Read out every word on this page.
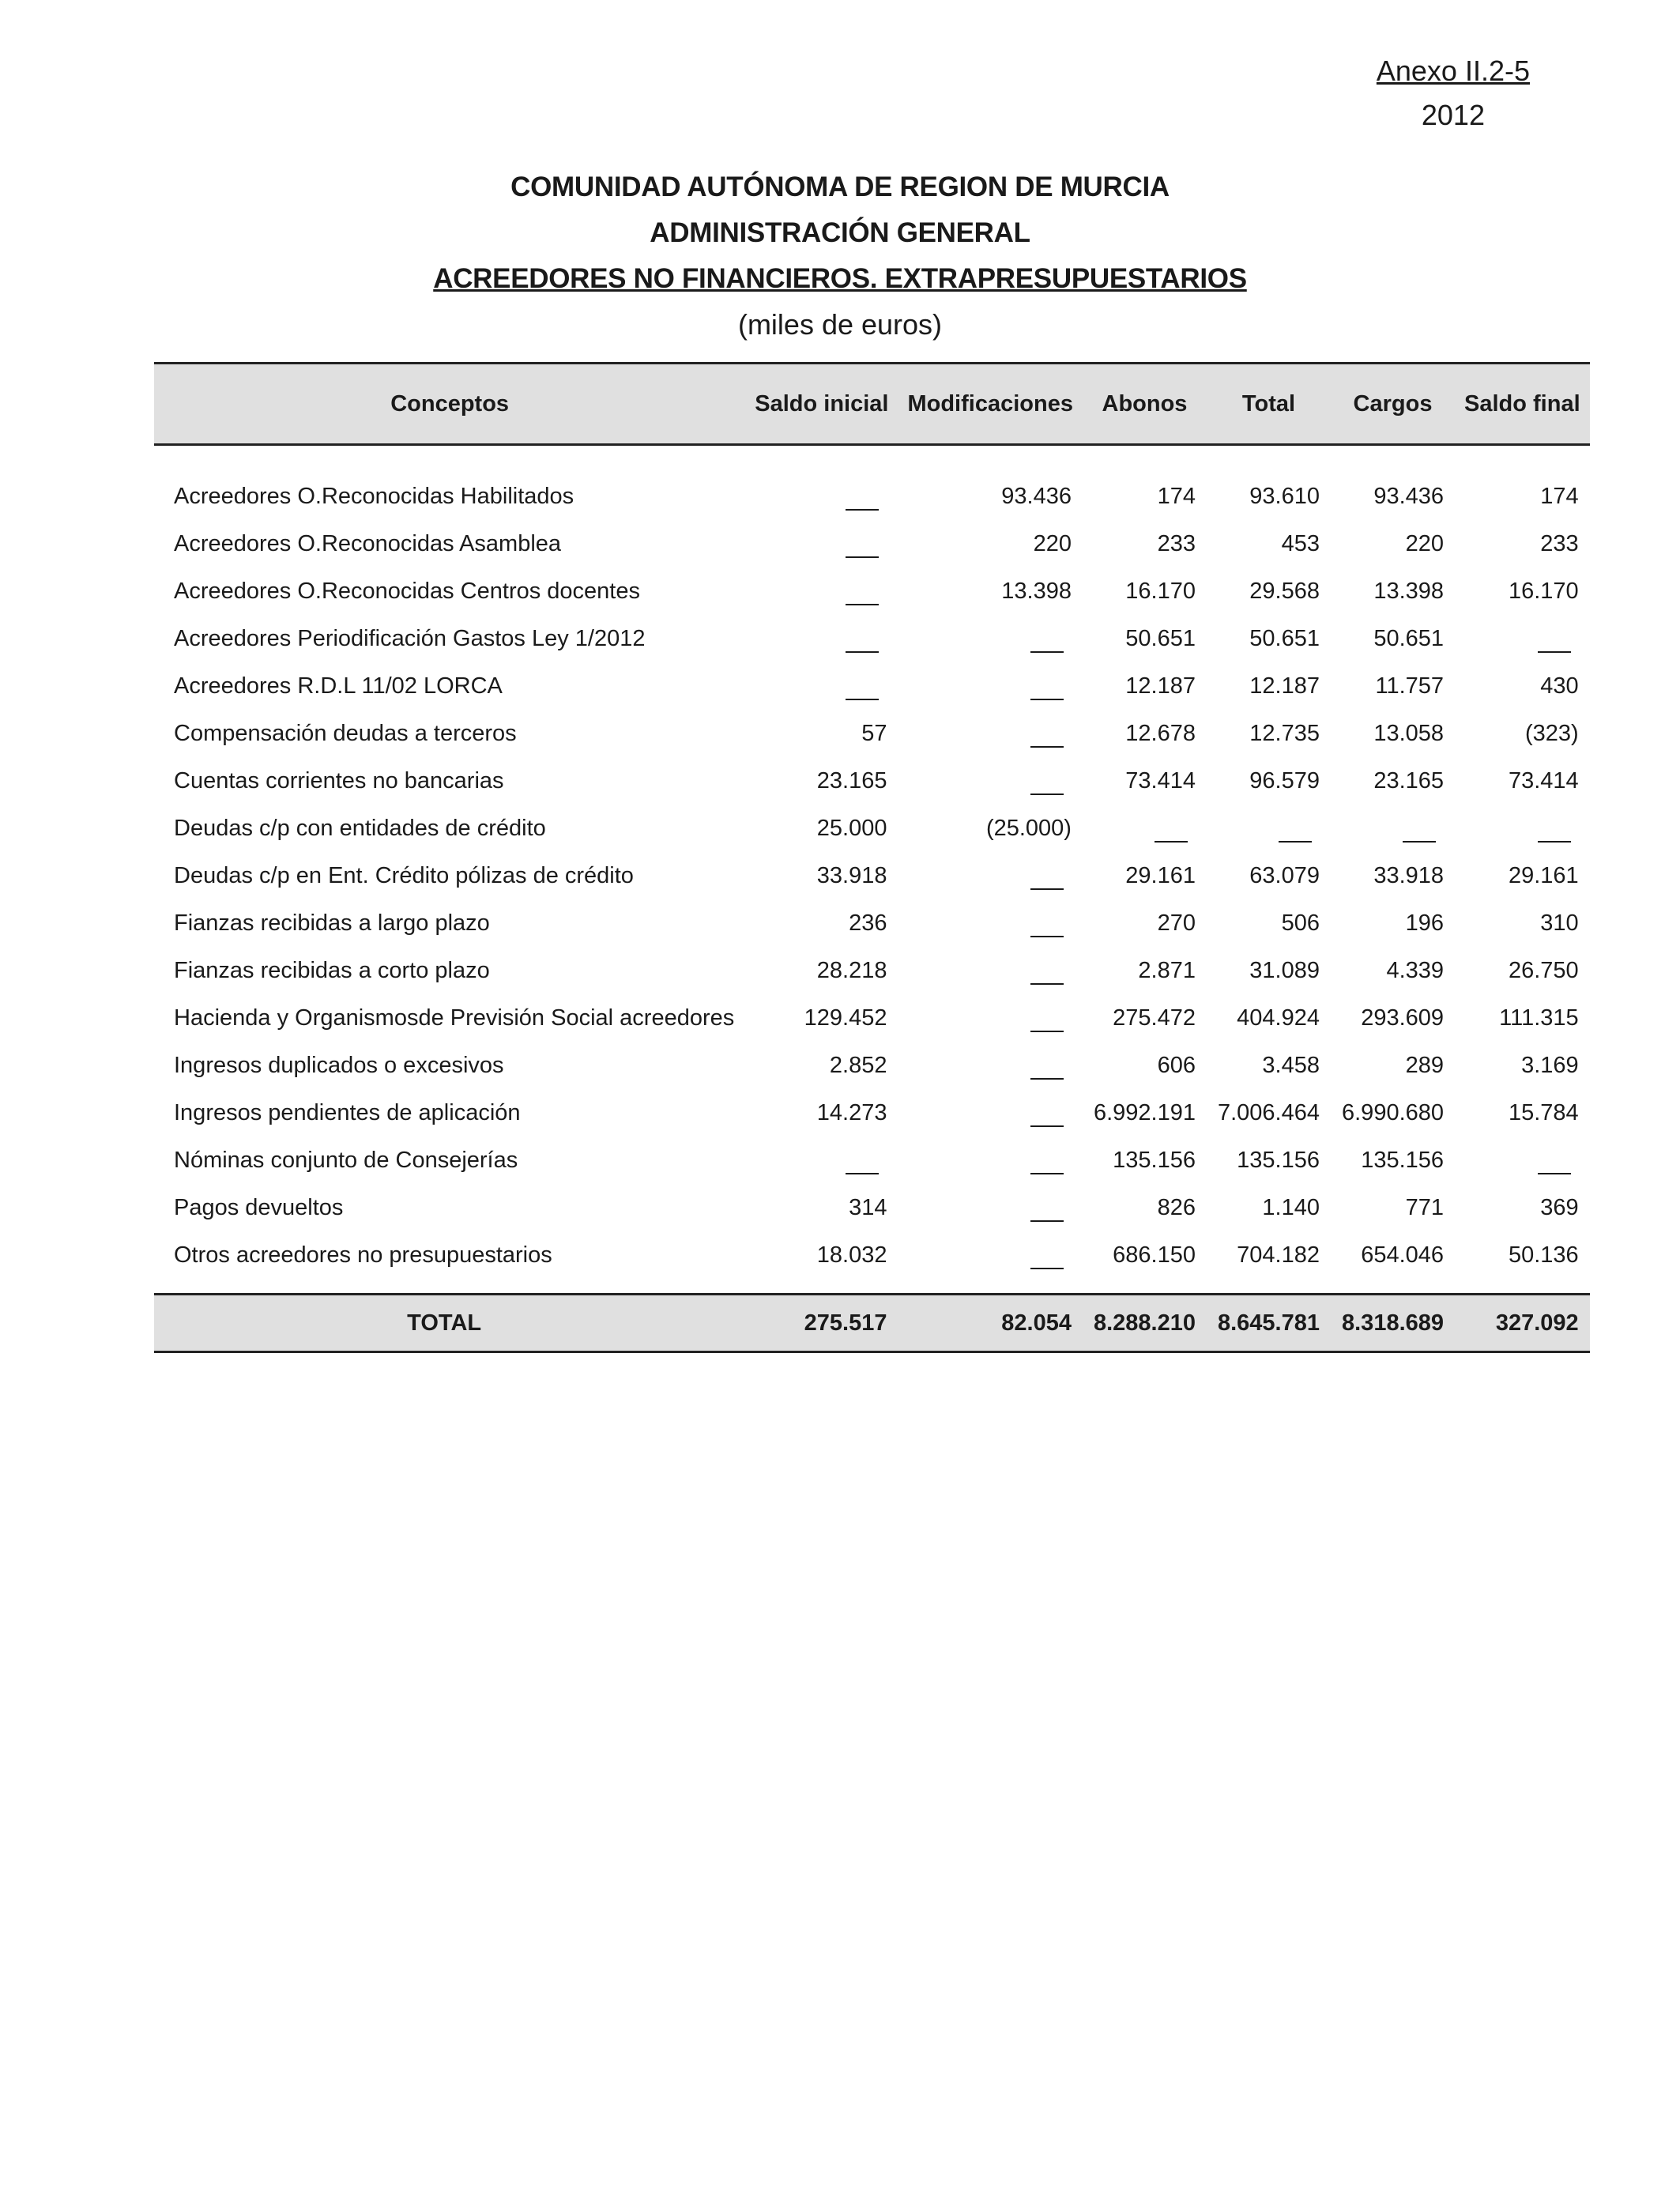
Anexo II.2-5
2012
COMUNIDAD AUTÓNOMA DE REGION DE MURCIA
ADMINISTRACIÓN GENERAL
ACREEDORES NO FINANCIEROS. EXTRAPRESUPUESTARIOS
(miles de euros)
Conceptos	Saldo inicial	Modificaciones	Abonos	Total	Cargos	Saldo final

Acreedores O.Reconocidas Habilitados		93.436	174	93.610	93.436	174
Acreedores O.Reconocidas Asamblea		220	233	453	220	233
Acreedores O.Reconocidas Centros docentes		13.398	16.170	29.568	13.398	16.170
Acreedores Periodificación Gastos Ley 1/2012			50.651	50.651	50.651	
Acreedores R.D.L 11/02 LORCA			12.187	12.187	11.757	430
Compensación deudas a terceros	57		12.678	12.735	13.058	(323)
Cuentas corrientes no bancarias	23.165		73.414	96.579	23.165	73.414
Deudas c/p con entidades de crédito	25.000	(25.000)				
Deudas c/p en Ent. Crédito pólizas de crédito	33.918		29.161	63.079	33.918	29.161
Fianzas recibidas a largo plazo	236		270	506	196	310
Fianzas recibidas a corto plazo	28.218		2.871	31.089	4.339	26.750
Hacienda y Organismosde Previsión Social acreedores	129.452		275.472	404.924	293.609	111.315
Ingresos duplicados o excesivos	2.852		606	3.458	289	3.169
Ingresos pendientes de aplicación	14.273		6.992.191	7.006.464	6.990.680	15.784
Nóminas conjunto de Consejerías			135.156	135.156	135.156	
Pagos devueltos	314		826	1.140	771	369
Otros acreedores no presupuestarios	18.032		686.150	704.182	654.046	50.136
TOTAL	275.517	82.054	8.288.210	8.645.781	8.318.689	327.092
